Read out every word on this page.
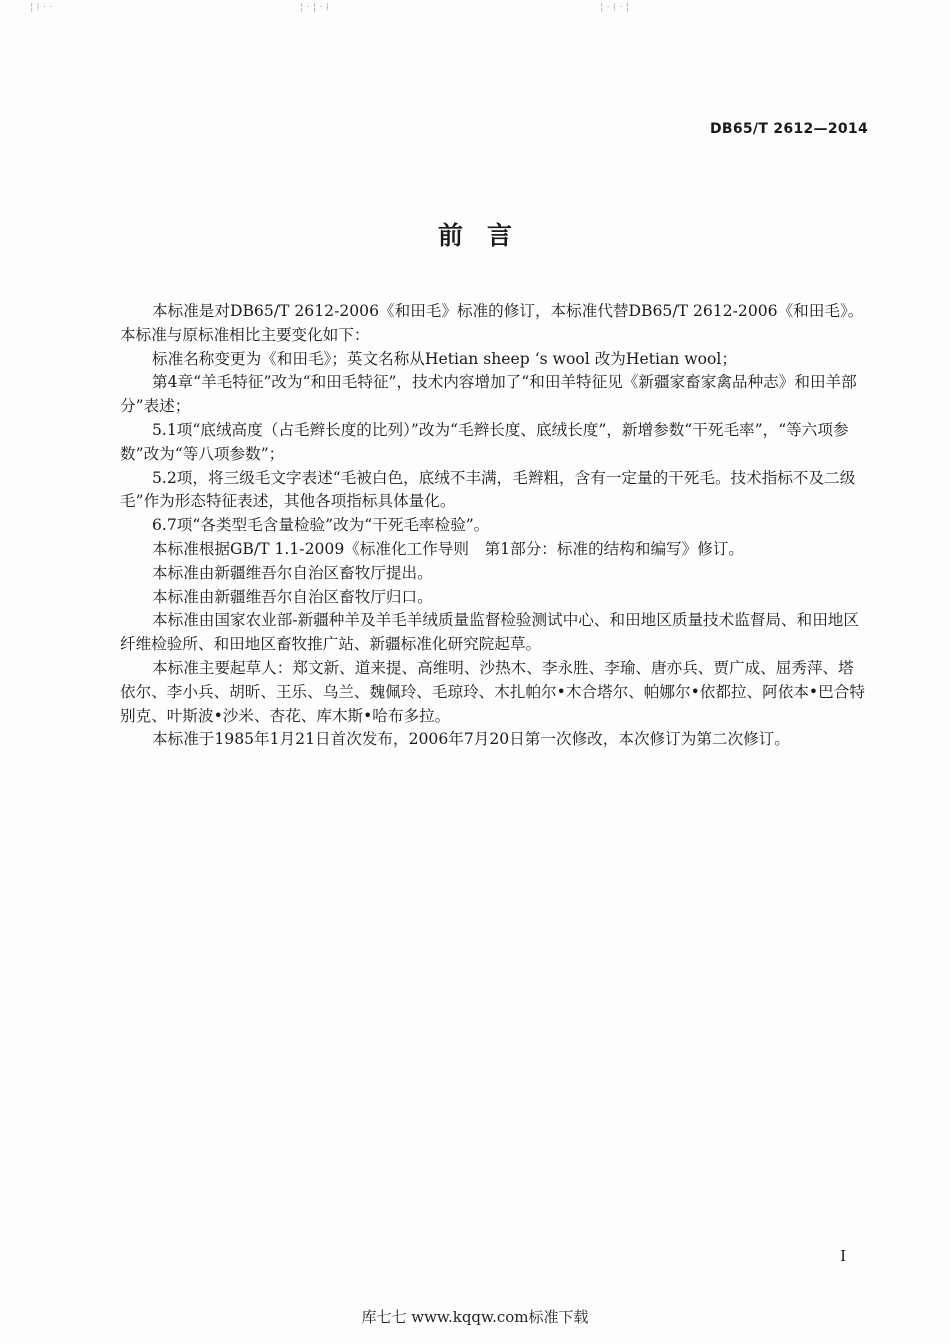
¦ ⁞ · ·	¦ · ¦ · ⁞	¦ · ⁞ · ¦
DB65/T 2612—2014
前言

本标准是对DB65/T 2612-2006《和田毛》标准的修订，本标准代替DB65/T 2612-2006《和田毛》。

本标准与原标准相比主要变化如下：

标准名称变更为《和田毛》；英文名称从Hetian sheep ‘s wool 改为Hetian wool；

第4章“羊毛特征”改为“和田毛特征”，技术内容增加了“和田羊特征见《新疆家畜家禽品种志》和田羊部分”表述；

5.1项“底绒高度（占毛辫长度的比列）”改为“毛辫长度、底绒长度”，新增参数“干死毛率”，“等六项参数”改为“等八项参数”；

5.2项，将三级毛文字表述“毛被白色，底绒不丰满，毛辫粗，含有一定量的干死毛。技术指标不及二级毛”作为形态特征表述，其他各项指标具体量化。

6.7项“各类型毛含量检验”改为“干死毛率检验”。

本标准根据GB/T 1.1-2009《标准化工作导则　第1部分：标准的结构和编写》修订。

本标准由新疆维吾尔自治区畜牧厅提出。

本标准由新疆维吾尔自治区畜牧厅归口。

本标准由国家农业部-新疆种羊及羊毛羊绒质量监督检验测试中心、和田地区质量技术监督局、和田地区纤维检验所、和田地区畜牧推广站、新疆标准化研究院起草。

本标准主要起草人：郑文新、道来提、高维明、沙热木、李永胜、李瑜、唐亦兵、贾广成、屈秀萍、塔依尔、李小兵、胡昕、王乐、乌兰、魏佩玲、毛琼玲、木扎帕尔•木合塔尔、帕娜尔•依都拉、阿依本•巴合特别克、叶斯波•沙米、杏花、库木斯•哈布多拉。

本标准于1985年1月21日首次发布，2006年7月20日第一次修改，本次修订为第二次修订。

I
库七七 www.kqqw.com标准下载
